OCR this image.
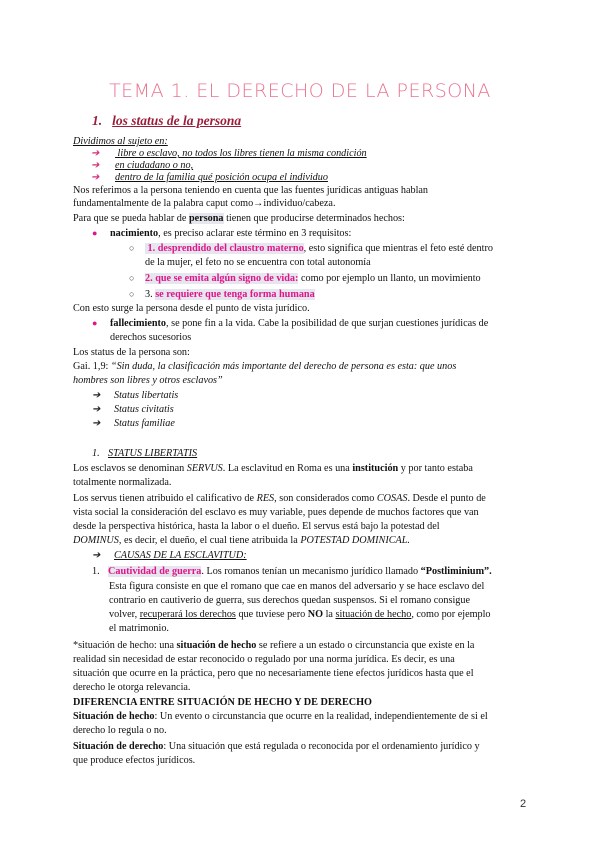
TEMA 1. EL DERECHO DE LA PERSONA
1. los status de la persona
Dividimos al sujeto en:
➔ libre o esclavo, no todos los libres tienen la misma condición
➔ en ciudadano o no,
➔ dentro de la familia qué posición ocupa el individuo
Nos referimos a la persona teniendo en cuenta que las fuentes jurídicas antiguas hablan
fundamentalmente de la palabra caput como→individuo/cabeza.
Para que se pueda hablar de persona tienen que producirse determinados hechos:
● nacimiento, es preciso aclarar este término en 3 requisitos:
○ 1. desprendido del claustro materno, esto significa que mientras el feto esté dentro
de la mujer, el feto no se encuentra con total autonomía
○ 2. que se emita algún signo de vida: como por ejemplo un llanto, un movimiento
○ 3. se requiere que tenga forma humana
Con esto surge la persona desde el punto de vista jurídico.
● fallecimiento, se pone fin a la vida. Cabe la posibilidad de que surjan cuestiones jurídicas de
derechos sucesorios
Los status de la persona son:
Gai. 1,9: “Sin duda, la clasificación más importante del derecho de persona es esta: que unos
hombres son libres y otros esclavos”
➔ Status libertatis
➔ Status civitatis
➔ Status familiae
1. STATUS LIBERTATIS
Los esclavos se denominan SERVUS. La esclavitud en Roma es una institución y por tanto estaba
totalmente normalizada.
Los servus tienen atribuido el calificativo de RES, son considerados como COSAS. Desde el punto de
vista social la consideración del esclavo es muy variable, pues depende de muchos factores que van
desde la perspectiva histórica, hasta la labor o el dueño. El servus está bajo la potestad del
DOMINUS, es decir, el dueño, el cual tiene atribuida la POTESTAD DOMINICAL.
➔ CAUSAS DE LA ESCLAVITUD:
1. Cautividad de guerra. Los romanos tenían un mecanismo jurídico llamado “Postliminium”.
Esta figura consiste en que el romano que cae en manos del adversario y se hace esclavo del
contrario en cautiverio de guerra, sus derechos quedan suspensos. Si el romano consigue
volver, recuperará los derechos que tuviese pero NO la situación de hecho, como por ejemplo
el matrimonio.
*situación de hecho: una situación de hecho se refiere a un estado o circunstancia que existe en la
realidad sin necesidad de estar reconocido o regulado por una norma jurídica. Es decir, es una
situación que ocurre en la práctica, pero que no necesariamente tiene efectos jurídicos hasta que el
derecho le otorga relevancia.
DIFERENCIA ENTRE SITUACIÓN DE HECHO Y DE DERECHO
Situación de hecho: Un evento o circunstancia que ocurre en la realidad, independientemente de si el
derecho lo regula o no.
Situación de derecho: Una situación que está regulada o reconocida por el ordenamiento jurídico y
que produce efectos jurídicos.
2
